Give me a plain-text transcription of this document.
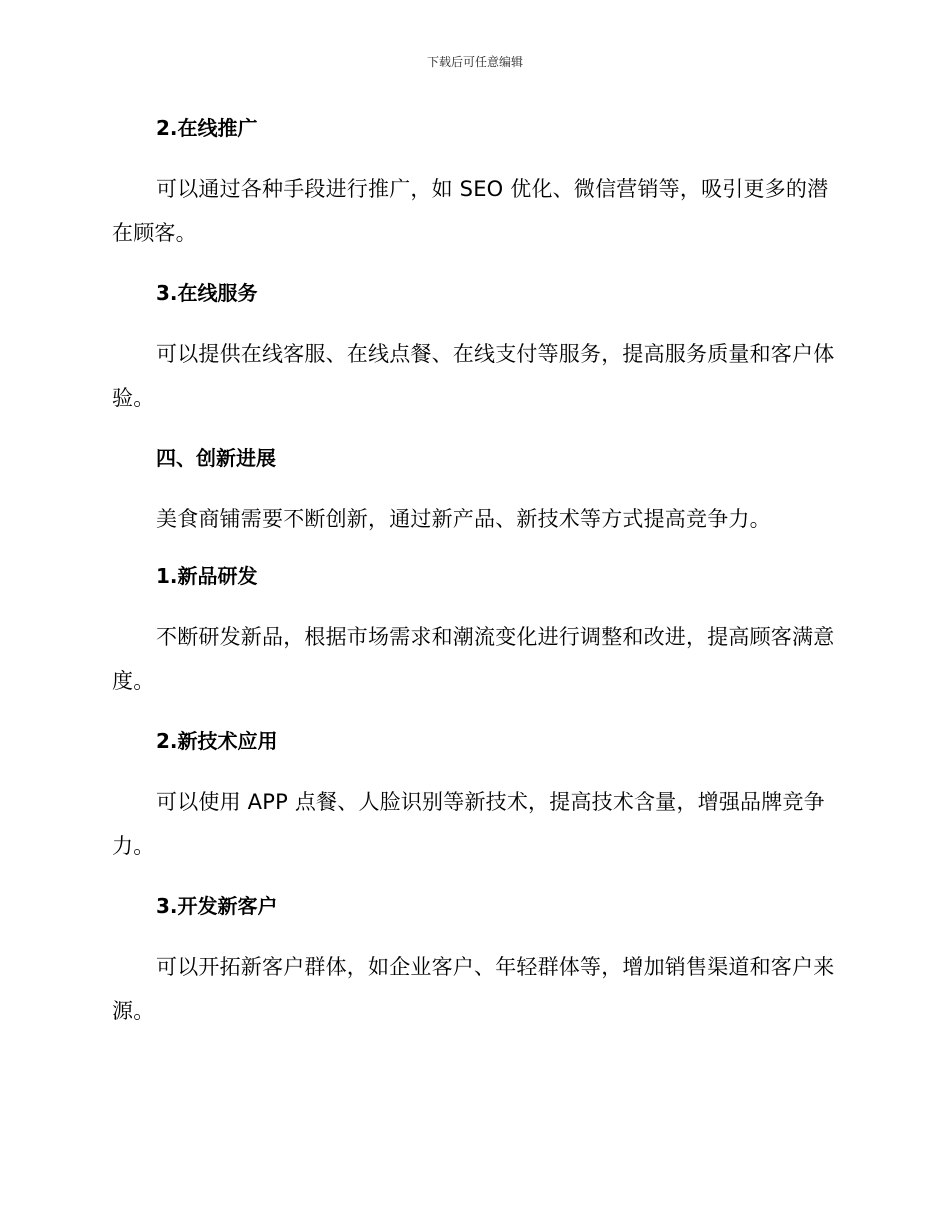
下载后可任意编辑
2.在线推广

可以通过各种手段进行推广，如 SEO 优化、微信营销等，吸引更多的潜在顾客。

3.在线服务

可以提供在线客服、在线点餐、在线支付等服务，提高服务质量和客户体验。

四、创新进展

美食商铺需要不断创新，通过新产品、新技术等方式提高竞争力。

1.新品研发

不断研发新品，根据市场需求和潮流变化进行调整和改进，提高顾客满意度。

2.新技术应用

可以使用 APP 点餐、人脸识别等新技术，提高技术含量，增强品牌竞争力。

3.开发新客户

可以开拓新客户群体，如企业客户、年轻群体等，增加销售渠道和客户来源。
